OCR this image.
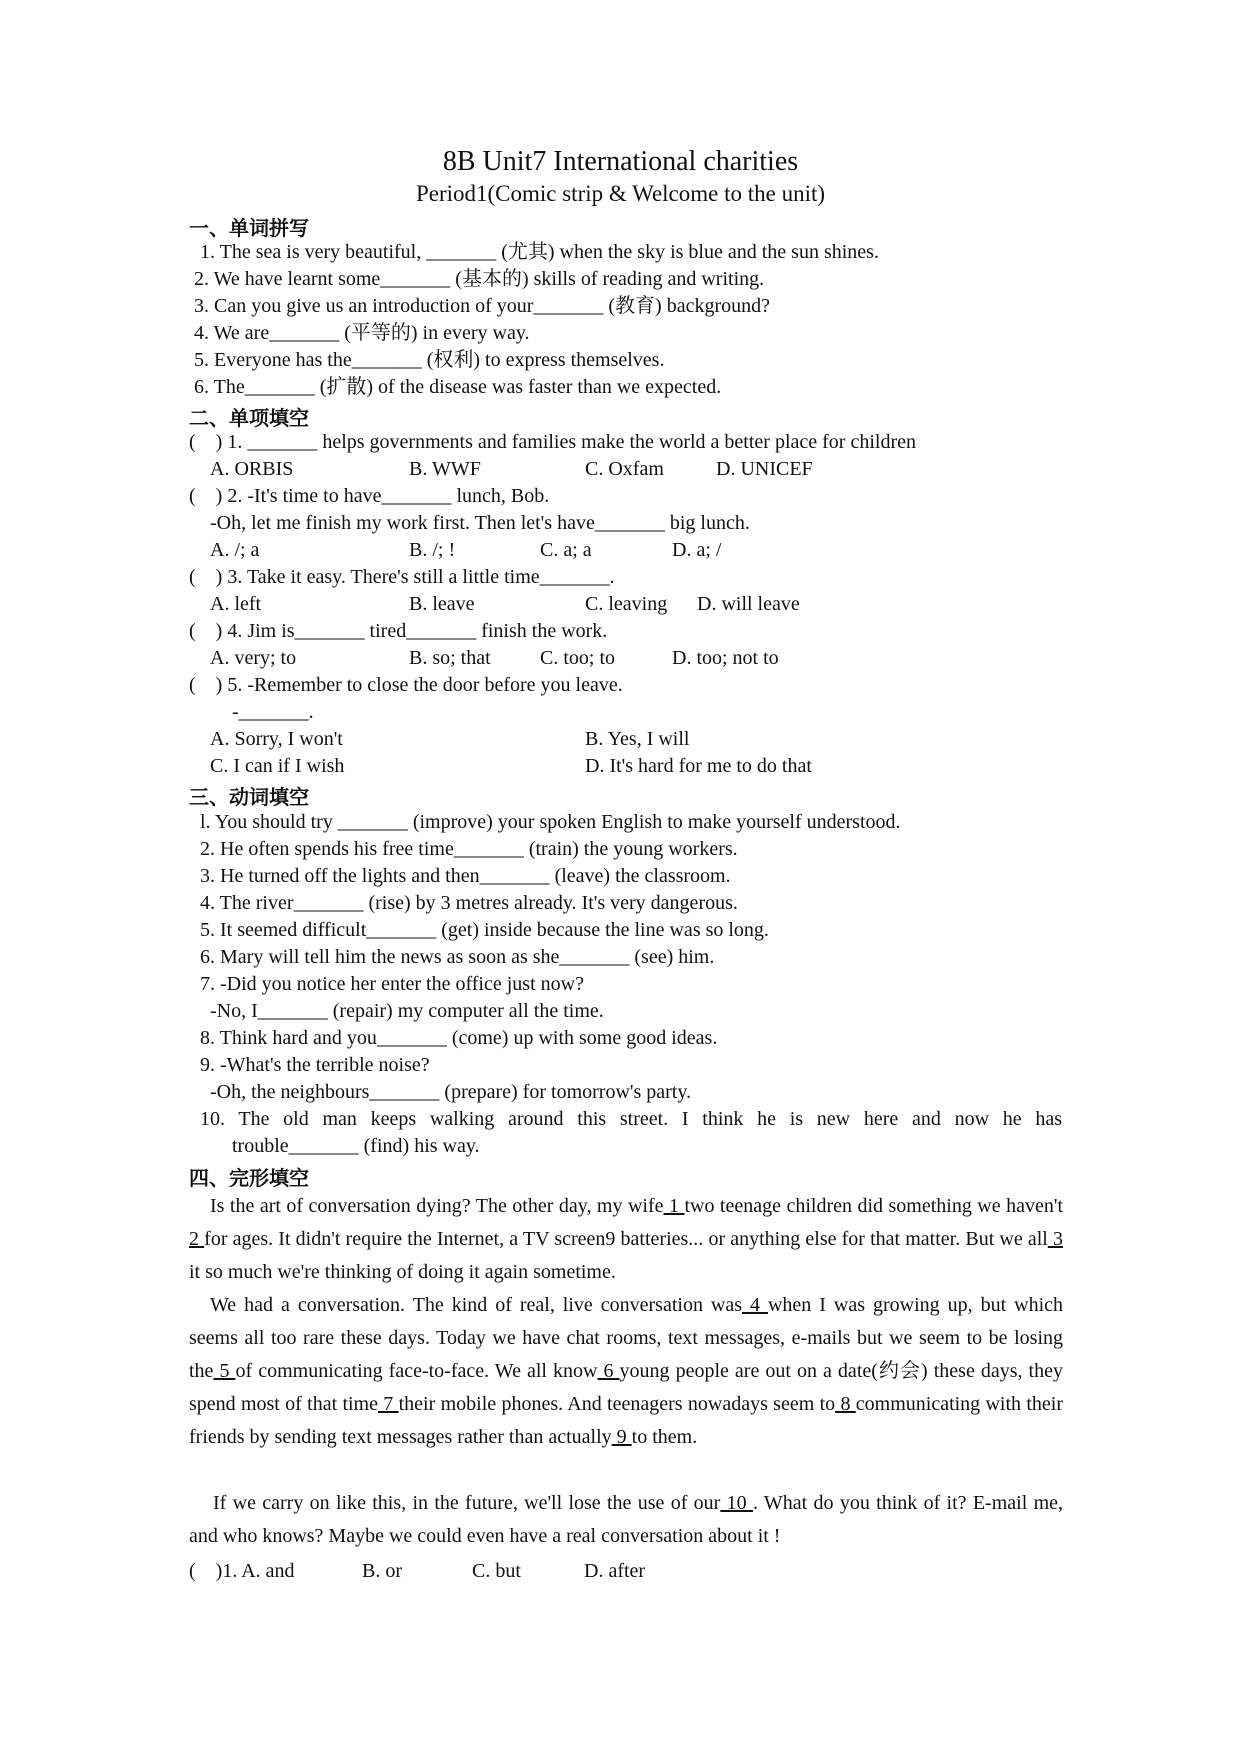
8B Unit7 International charities
Period1(Comic strip & Welcome to the unit)
一、单词拼写
1. The sea is very beautiful, _______ (尤其) when the sky is blue and the sun shines.
2. We have learnt some_______ (基本的) skills of reading and writing.
3. Can you give us an introduction of your_______ (教育) background?
4. We are_______ (平等的) in every way.
5. Everyone has the_______ (权利) to express themselves.
6. The_______ (扩散) of the disease was faster than we expected.
二、单项填空
(    ) 1. _______ helps governments and families make the world a better place for children
A. ORBIS	B. WWF	C. Oxfam	D. UNICEF
(    ) 2. -It's time to have_______ lunch, Bob.
-Oh, let me finish my work first. Then let's have_______ big lunch.
A. /; a	B. /; !	C. a; a	D. a; /
(    ) 3. Take it easy. There's still a little time_______.
A. left	B. leave	C. leaving D. will leave
(    ) 4. Jim is_______ tired_______ finish the work.
A. very; to	B. so; that C. too; to	D. too; not to
(    ) 5. -Remember to close the door before you leave.
-_______.
A. Sorry, I won't	B. Yes, I will
C. I can if I wish	D. It's hard for me to do that
三、动词填空
l. You should try _______ (improve) your spoken English to make yourself understood.
2. He often spends his free time_______ (train) the young workers.
3. He turned off the lights and then_______ (leave) the classroom.
4. The river_______ (rise) by 3 metres already. It's very dangerous.
5. It seemed difficult_______ (get) inside because the line was so long.
6. Mary will tell him the news as soon as she_______ (see) him.
7. -Did you notice her enter the office just now?
-No, I_______ (repair) my computer all the time.
8. Think hard and you_______ (come) up with some good ideas.
9. -What's the terrible noise?
-Oh, the neighbours_______ (prepare) for tomorrow's party.
10. The old man keeps walking around this street. I think he is new here and now he has
trouble_______ (find) his way.
四、完形填空
Is the art of conversation dying? The other day, my wife 1 two teenage children did something we haven't 2 for ages. It didn't require the Internet, a TV screen9 batteries... or anything else for that matter. But we all 3 it so much we're thinking of doing it again sometime.
We had a conversation. The kind of real, live conversation was 4 when I was growing up, but which seems all too rare these days. Today we have chat rooms, text messages, e-mails but we seem to be losing the 5 of communicating face-to-face. We all know 6 young people are out on a date(约会) these days, they spend most of that time 7 their mobile phones. And teenagers nowadays seem to 8 communicating with their friends by sending text messages rather than actually 9 to them.
If we carry on like this, in the future, we'll lose the use of our 10 . What do you think of it? E-mail me, and who knows? Maybe we could even have a real conversation about it !
(    )1. A. and	B. or	C. but	D. after
